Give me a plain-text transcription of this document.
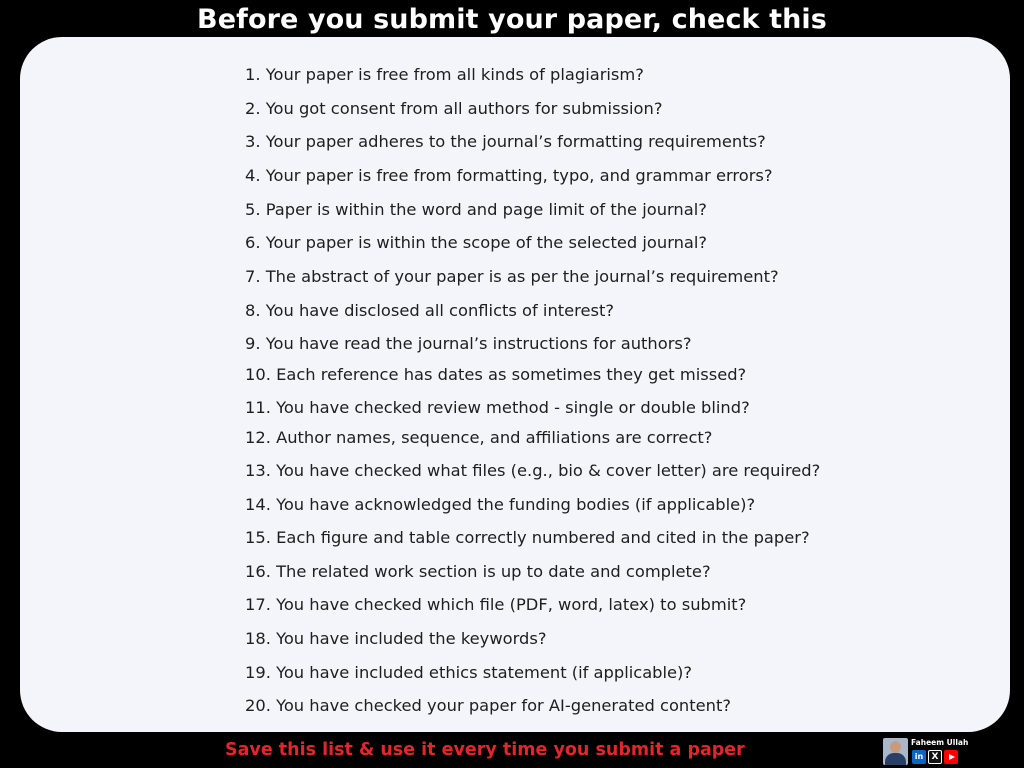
Before you submit your paper, check this
1. Your paper is free from all kinds of plagiarism?
2. You got consent from all authors for submission?
3. Your paper adheres to the journal’s formatting requirements?
4. Your paper is free from formatting, typo, and grammar errors?
5. Paper is within the word and page limit of the journal?
6. Your paper is within the scope of the selected journal?
7. The abstract of your paper is as per the journal’s requirement?
8. You have disclosed all conflicts of interest?
9. You have read the journal’s instructions for authors?
10. Each reference has dates as sometimes they get missed?
11. You have checked review method - single or double blind?
12. Author names, sequence, and affiliations are correct?
13. You have checked what files (e.g., bio & cover letter) are required?
14. You have acknowledged the funding bodies (if applicable)?
15. Each figure and table correctly numbered and cited in the paper?
16. The related work section is up to date and complete?
17. You have checked which file (PDF, word, latex) to submit?
18. You have included the keywords?
19. You have included ethics statement (if applicable)?
20. You have checked your paper for AI-generated content?
Save this list & use it every time you submit a paper	Faheem Ullah
in X
